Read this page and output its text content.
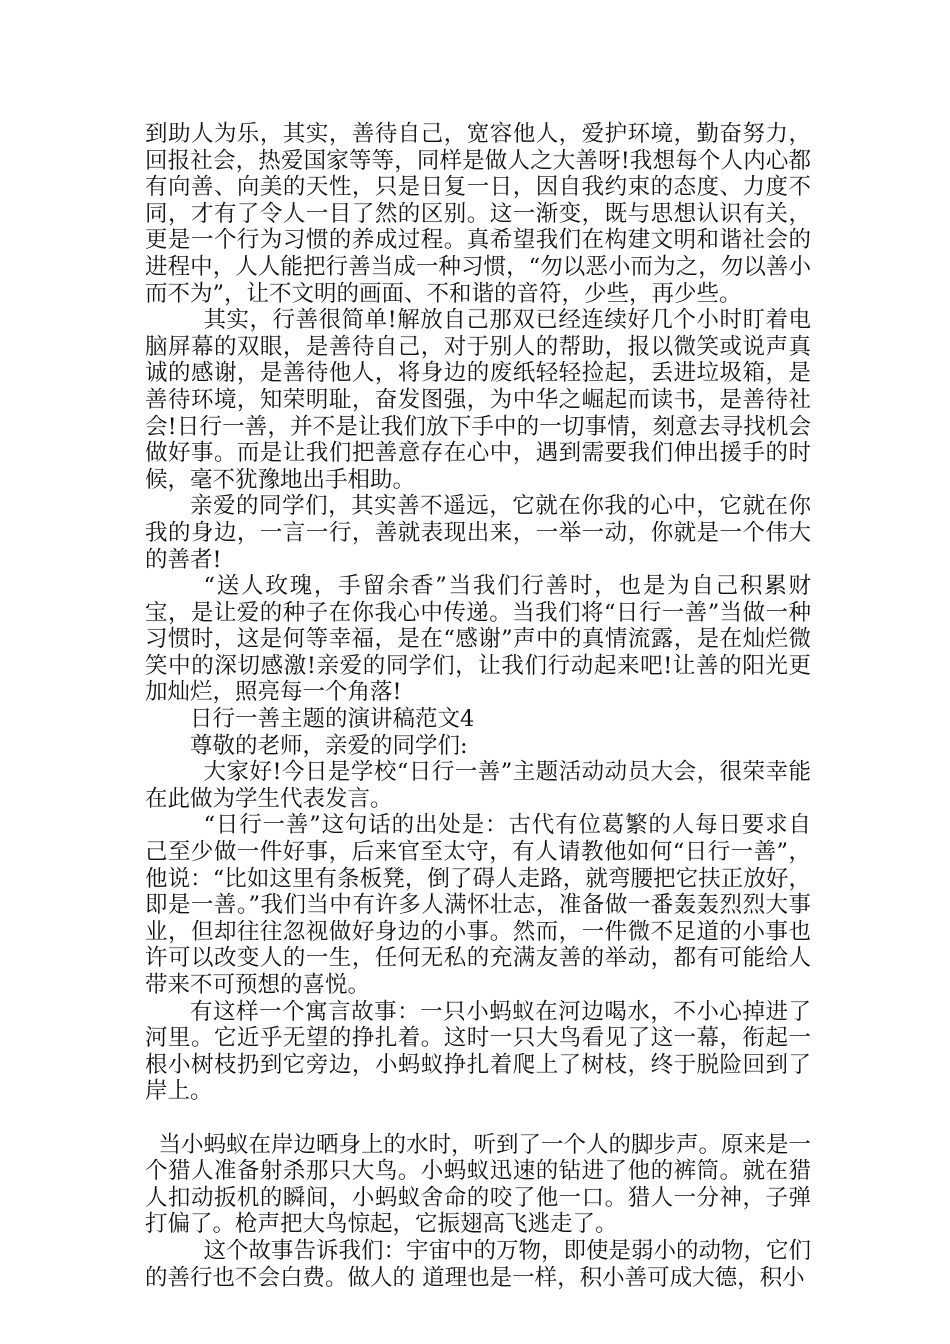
到助人为乐，其实，善待自己，宽容他人，爱护环境，勤奋努力，回报社会，热爱国家等等，同样是做人之大善呀!我想每个人内心都有向善、向美的天性，只是日复一日，因自我约束的态度、力度不同，才有了令人一目了然的区别。这一渐变，既与思想认识有关，更是一个行为习惯的养成过程。真希望我们在构建文明和谐社会的进程中，人人能把行善当成一种习惯，“勿以恶小而为之，勿以善小而不为”，让不文明的画面、不和谐的音符，少些，再少些。

其实，行善很简单!解放自己那双已经连续好几个小时盯着电脑屏幕的双眼，是善待自己，对于别人的帮助，报以微笑或说声真诚的感谢，是善待他人，将身边的废纸轻轻捡起，丢进垃圾箱，是善待环境，知荣明耻，奋发图强，为中华之崛起而读书，是善待社会!日行一善，并不是让我们放下手中的一切事情，刻意去寻找机会做好事。而是让我们把善意存在心中，遇到需要我们伸出援手的时候，毫不犹豫地出手相助。

亲爱的同学们，其实善不遥远，它就在你我的心中，它就在你我的身边，一言一行，善就表现出来，一举一动，你就是一个伟大的善者!

“送人玫瑰，手留余香”当我们行善时，也是为自己积累财宝，是让爱的种子在你我心中传递。当我们将“日行一善”当做一种习惯时，这是何等幸福，是在“感谢”声中的真情流露，是在灿烂微笑中的深切感激!亲爱的同学们，让我们行动起来吧!让善的阳光更加灿烂，照亮每一个角落!

日行一善主题的演讲稿范文4

尊敬的老师，亲爱的同学们:

大家好!今日是学校“日行一善”主题活动动员大会，很荣幸能在此做为学生代表发言。

“日行一善”这句话的出处是：古代有位葛繁的人每日要求自己至少做一件好事，后来官至太守，有人请教他如何“日行一善”，他说：“比如这里有条板凳，倒了碍人走路，就弯腰把它扶正放好，即是一善。”我们当中有许多人满怀壮志，准备做一番轰轰烈烈大事业，但却往往忽视做好身边的小事。然而，一件微不足道的小事也许可以改变人的一生，任何无私的充满友善的举动，都有可能给人带来不可预想的喜悦。

有这样一个寓言故事：一只小蚂蚁在河边喝水，不小心掉进了河里。它近乎无望的挣扎着。这时一只大鸟看见了这一幕，衔起一根小树枝扔到它旁边，小蚂蚁挣扎着爬上了树枝，终于脱险回到了岸上。

当小蚂蚁在岸边晒身上的水时，听到了一个人的脚步声。原来是一个猎人准备射杀那只大鸟。小蚂蚁迅速的钻进了他的裤筒。就在猎人扣动扳机的瞬间，小蚂蚁舍命的咬了他一口。猎人一分神，子弹打偏了。枪声把大鸟惊起，它振翅高飞逃走了。

这个故事告诉我们：宇宙中的万物，即使是弱小的动物，它们的善行也不会白费。做人的 道理也是一样，积小善可成大德，积小
